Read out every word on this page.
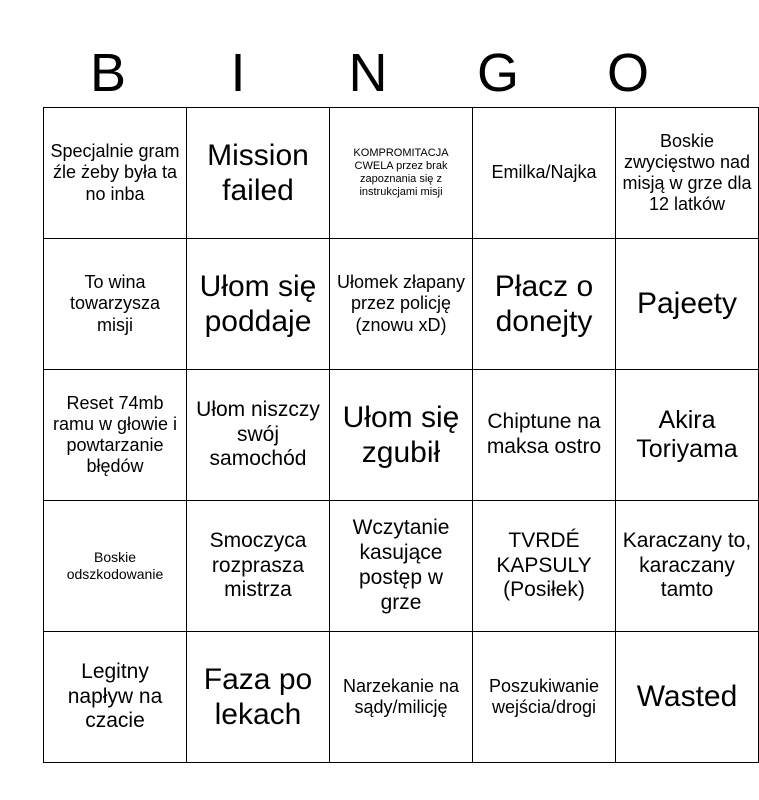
B	I	N	G	O
Specjalnie gram źle żeby była ta no inba	Mission failed	KOMPROMITACJA CWELA przez brak zapoznania się z instrukcjami misji	Emilka/Najka	Boskie zwycięstwo nad misją w grze dla 12 latków

To wina towarzysza misji	Ułom się poddaje	Ułomek złapany przez policję (znowu xD)	Płacz o donejty	Pajeety

Reset 74mb ramu w głowie i powtarzanie błędów	Ułom niszczy swój samochód	Ułom się zgubił	Chiptune na maksa ostro	Akira Toriyama

Boskie odszkodowanie	Smoczyca rozprasza mistrza	Wczytanie kasujące postęp w grze	TVRDÉ KAPSULY (Posiłek)	Karaczany to, karaczany tamto

Legitny napływ na czacie	Faza po lekach	Narzekanie na sądy/milicję	Poszukiwanie wejścia/drogi	Wasted
